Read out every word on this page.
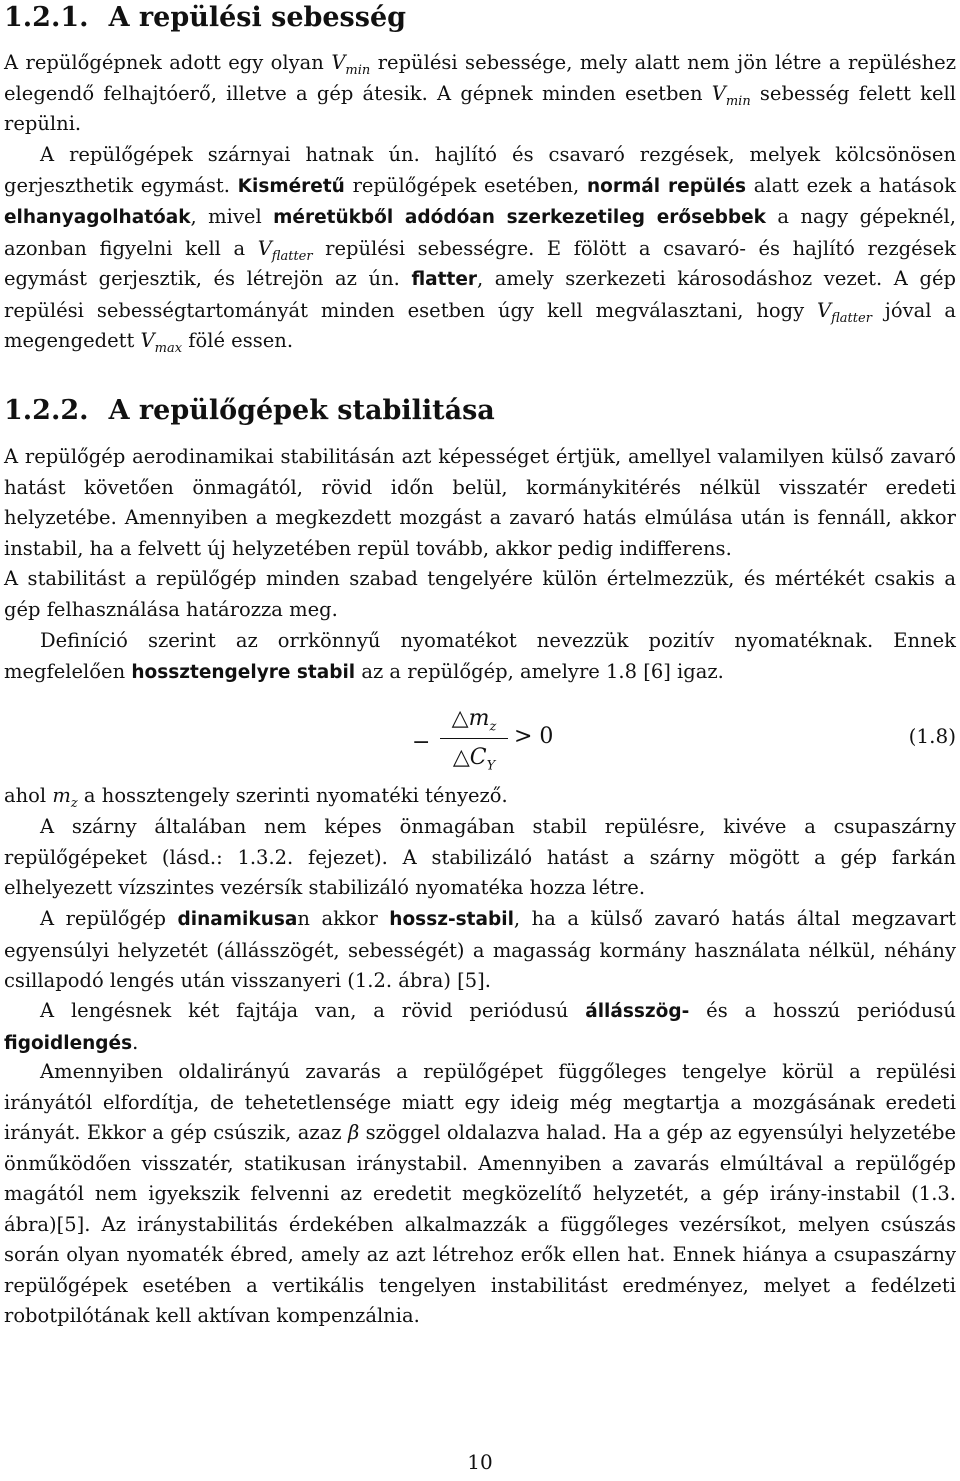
1.2.1. A repülési sebesség
A repülőgépnek adott egy olyan $V_{min}$ repülési sebessége, mely alatt nem jön létre a repüléshez elegendő felhajtóerő, illetve a gép átesik. A gépnek minden esetben $V_{min}$ sebesség felett kell repülni.
A repülőgépek szárnyai hatnak ún. hajlító és csavaró rezgések, melyek kölcsönösen gerjeszthetik egymást. Kisméretű repülőgépek esetében, normál repülés alatt ezek a hatások elhanyagolhatóak, mivel méretükből adódóan szerkezetileg erősebbek a nagy gépeknél, azonban figyelni kell a $V_{flatter}$ repülési sebességre. E fölött a csavaró- és hajlító rezgések egymást gerjesztik, és létrejön az ún. flatter, amely szerkezeti károsodáshoz vezet. A gép repülési sebességtartományát minden esetben úgy kell megválasztani, hogy $V_{flatter}$ jóval a megengedett $V_{max}$ fölé essen.
1.2.2. A repülőgépek stabilitása
A repülőgép aerodinamikai stabilitásán azt képességet értjük, amellyel valamilyen külső zavaró hatást követően önmagától, rövid időn belül, kormánykitérés nélkül visszatér eredeti helyzetébe. Amennyiben a megkezdett mozgást a zavaró hatás elmúlása után is fennáll, akkor instabil, ha a felvett új helyzetében repül tovább, akkor pedig indifferens.
A stabilitást a repülőgép minden szabad tengelyére külön értelmezzük, és mértékét csakis a gép felhasználása határozza meg.
Definíció szerint az orrkönnyű nyomatékot nevezzük pozitív nyomatéknak. Ennek megfelelően hossztengelyre stabil az a repülőgép, amelyre 1.8 [6] igaz.
−
$\triangle m_z$
$\triangle C_Y$
> 0	(1.8)
ahol $m_z$ a hossztengely szerinti nyomatéki tényező.
A szárny általában nem képes önmagában stabil repülésre, kivéve a csupaszárny repülőgépeket (lásd.: 1.3.2. fejezet). A stabilizáló hatást a szárny mögött a gép farkán elhelyezett vízszintes vezérsík stabilizáló nyomatéka hozza létre.
A repülőgép dinamikusan akkor hossz-stabil, ha a külső zavaró hatás által megzavart egyensúlyi helyzetét (állásszögét, sebességét) a magasság kormány használata nélkül, néhány csillapodó lengés után visszanyeri (1.2. ábra) [5].
A lengésnek két fajtája van, a rövid periódusú állásszög- és a hosszú periódusú figoidlengés.
Amennyiben oldalirányú zavarás a repülőgépet függőleges tengelye körül a repülési irányától elfordítja, de tehetetlensége miatt egy ideig még megtartja a mozgásának eredeti irányát. Ekkor a gép csúszik, azaz β szöggel oldalazva halad. Ha a gép az egyensúlyi helyzetébe önműködően visszatér, statikusan iránystabil. Amennyiben a zavarás elmúltával a repülőgép magától nem igyekszik felvenni az eredetit megközelítő helyzetét, a gép irány-instabil (1.3. ábra)[5]. Az iránystabilitás érdekében alkalmazzák a függőleges vezérsíkot, melyen csúszás során olyan nyomaték ébred, amely az azt létrehoz erők ellen hat. Ennek hiánya a csupaszárny repülőgépek esetében a vertikális tengelyen instabilitást eredményez, melyet a fedélzeti robotpilótának kell aktívan kompenzálnia.
10
